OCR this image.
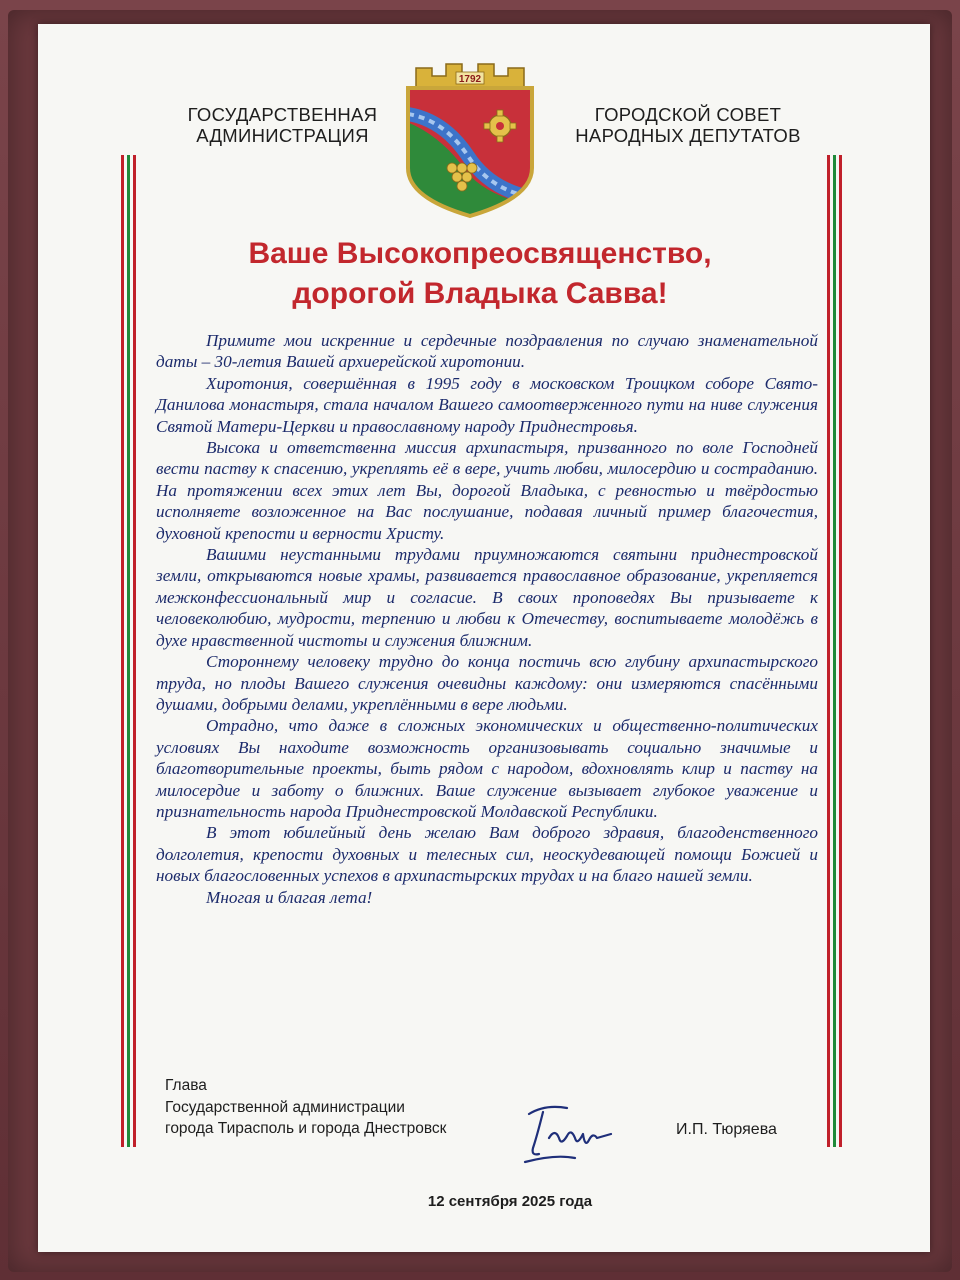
ГОСУДАРСТВЕННАЯ
АДМИНИСТРАЦИЯ
1792
ГОРОДСКОЙ СОВЕТ
НАРОДНЫХ ДЕПУТАТОВ
Ваше Высокопреосвященство,
дорогой Владыка Савва!

Примите мои искренние и сердечные поздравления по случаю знаменательной даты – 30-летия Вашей архиерейской хиротонии.

Хиротония, совершённая в 1995 году в московском Троицком соборе Свято-Данилова монастыря, стала началом Вашего самоотверженного пути на ниве служения Святой Матери-Церкви и православному народу Приднестровья.

Высока и ответственна миссия архипастыря, призванного по воле Господней вести паству к спасению, укреплять её в вере, учить любви, милосердию и состраданию. На протяжении всех этих лет Вы, дорогой Владыка, с ревностью и твёрдостью исполняете возложенное на Вас послушание, подавая личный пример благочестия, духовной крепости и верности Христу.

Вашими неустанными трудами приумножаются святыни приднестровской земли, открываются новые храмы, развивается православное образование, укрепляется межконфессиональный мир и согласие. В своих проповедях Вы призываете к человеколюбию, мудрости, терпению и любви к Отечеству, воспитываете молодёжь в духе нравственной чистоты и служения ближним.

Стороннему человеку трудно до конца постичь всю глубину архипастырского труда, но плоды Вашего служения очевидны каждому: они измеряются спасёнными душами, добрыми делами, укреплёнными в вере людьми.

Отрадно, что даже в сложных экономических и общественно-политических условиях Вы находите возможность организовывать социально значимые и благотворительные проекты, быть рядом с народом, вдохновлять клир и паству на милосердие и заботу о ближних. Ваше служение вызывает глубокое уважение и признательность народа Приднестровской Молдавской Республики.

В этот юбилейный день желаю Вам доброго здравия, благоденственного долголетия, крепости духовных и телесных сил, неоскудевающей помощи Божией и новых благословенных успехов в архипастырских трудах и на благо нашей земли.

Многая и благая лета!

Глава
Государственной администрации
города Тирасполь и города Днестровск	И.П. Тюряева
12 сентября 2025 года
